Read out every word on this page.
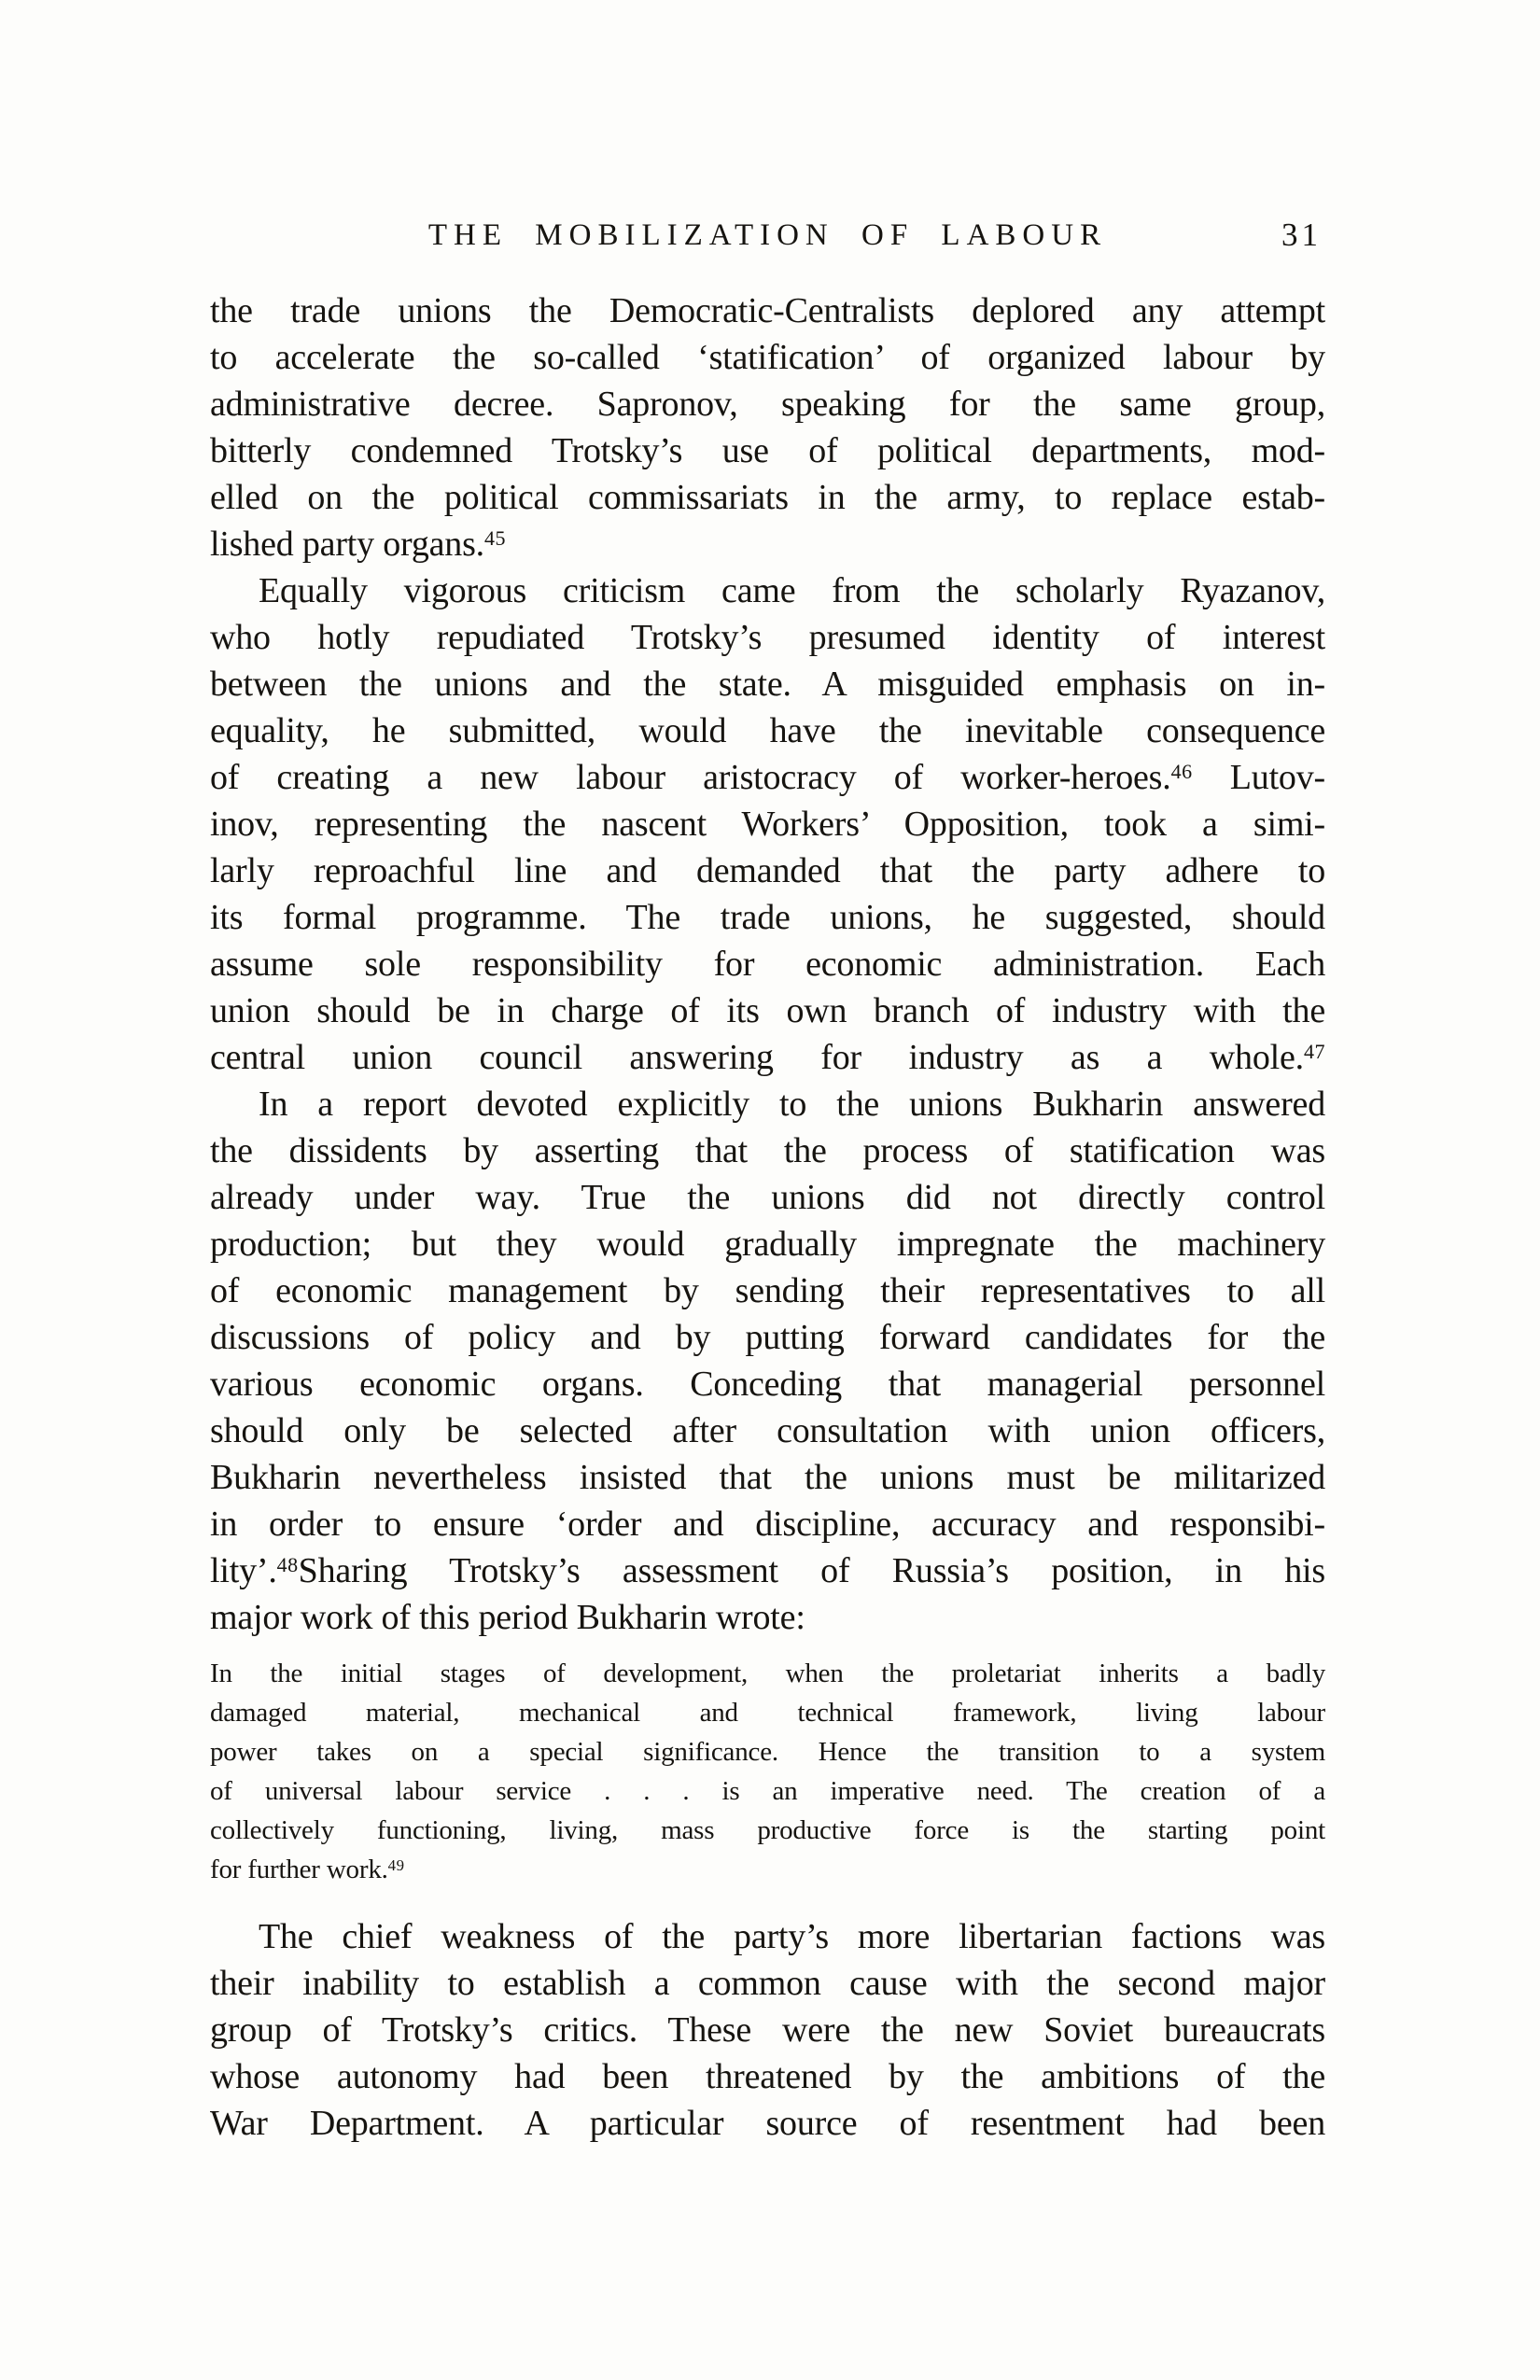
THE MOBILIZATION OF LABOUR	31
the trade unions the Democratic-Centralists deplored any attempt
to accelerate the so-called ‘statification’ of organized labour by
administrative decree. Sapronov, speaking for the same group,
bitterly condemned Trotsky’s use of political departments, mod-
elled on the political commissariats in the army, to replace estab-
lished party organs.$^{45}$
Equally vigorous criticism came from the scholarly Ryazanov,
who hotly repudiated Trotsky’s presumed identity of interest
between the unions and the state. A misguided emphasis on in-
equality, he submitted, would have the inevitable consequence
of creating a new labour aristocracy of worker-heroes.$^{46}$ Lutov-
inov, representing the nascent Workers’ Opposition, took a simi-
larly reproachful line and demanded that the party adhere to
its formal programme. The trade unions, he suggested, should
assume sole responsibility for economic administration. Each
union should be in charge of its own branch of industry with the
central union council answering for industry as a whole.$^{47}$
In a report devoted explicitly to the unions Bukharin answered
the dissidents by asserting that the process of statification was
already under way. True the unions did not directly control
production; but they would gradually impregnate the machinery
of economic management by sending their representatives to all
discussions of policy and by putting forward candidates for the
various economic organs. Conceding that managerial personnel
should only be selected after consultation with union officers,
Bukharin nevertheless insisted that the unions must be militarized
in order to ensure ‘order and discipline, accuracy and responsibi-
lity’.$^{48}$Sharing Trotsky’s assessment of Russia’s position, in his
major work of this period Bukharin wrote:
In the initial stages of development, when the proletariat inherits a badly
damaged material, mechanical and technical framework, living labour
power takes on a special significance. Hence the transition to a system
of universal labour service . . . is an imperative need. The creation of a
collectively functioning, living, mass productive force is the starting point
for further work.$^{49}$
The chief weakness of the party’s more libertarian factions was
their inability to establish a common cause with the second major
group of Trotsky’s critics. These were the new Soviet bureaucrats
whose autonomy had been threatened by the ambitions of the
War Department. A particular source of resentment had been
